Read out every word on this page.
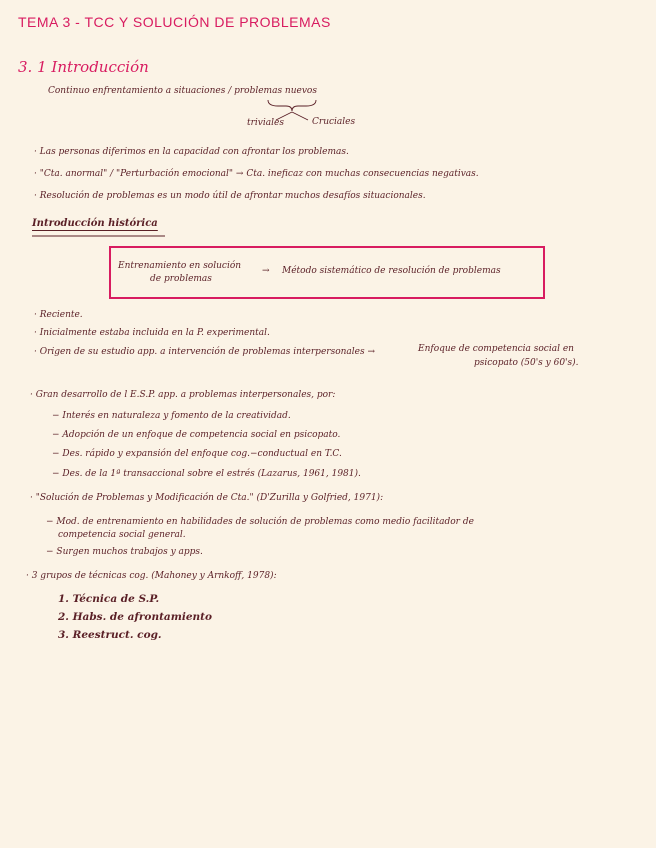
TEMA 3 - TCC Y SOLUCIÓN DE PROBLEMAS
3. 1 Introducción
Continuo enfrentamiento a situaciones / problemas nuevos
triviales	Cruciales
· Las personas diferimos en la capacidad con afrontar los problemas.
· "Cta. anormal" / "Perturbación emocional" → Cta. ineficaz con muchas consecuencias negativas.
· Resolución de problemas es un modo útil de afrontar muchos desafíos situacionales.
Introducción histórica
Entrenamiento en solución
de problemas
→ Método sistemático de resolución de problemas
· Reciente.
· Inicialmente estaba incluida en la P. experimental.
· Origen de su estudio app. a intervención de problemas interpersonales →	Enfoque de competencia social en
psicopato (50's y 60's).
· Gran desarrollo de l E.S.P. app. a problemas interpersonales, por:
− Interés en naturaleza y fomento de la creatividad.
− Adopción de un enfoque de competencia social en psicopato.
− Des. rápido y expansión del enfoque cog.−conductual en T.C.
− Des. de la 1ª transaccional sobre el estrés (Lazarus, 1961, 1981).
· "Solución de Problemas y Modificación de Cta." (D'Zurilla y Golfried, 1971):
− Mod. de entrenamiento en habilidades de solución de problemas como medio facilitador de
competencia social general.
− Surgen muchos trabajos y apps.
· 3 grupos de técnicas cog. (Mahoney y Arnkoff, 1978):
1. Técnica de S.P.
2. Habs. de afrontamiento
3. Reestruct. cog.
